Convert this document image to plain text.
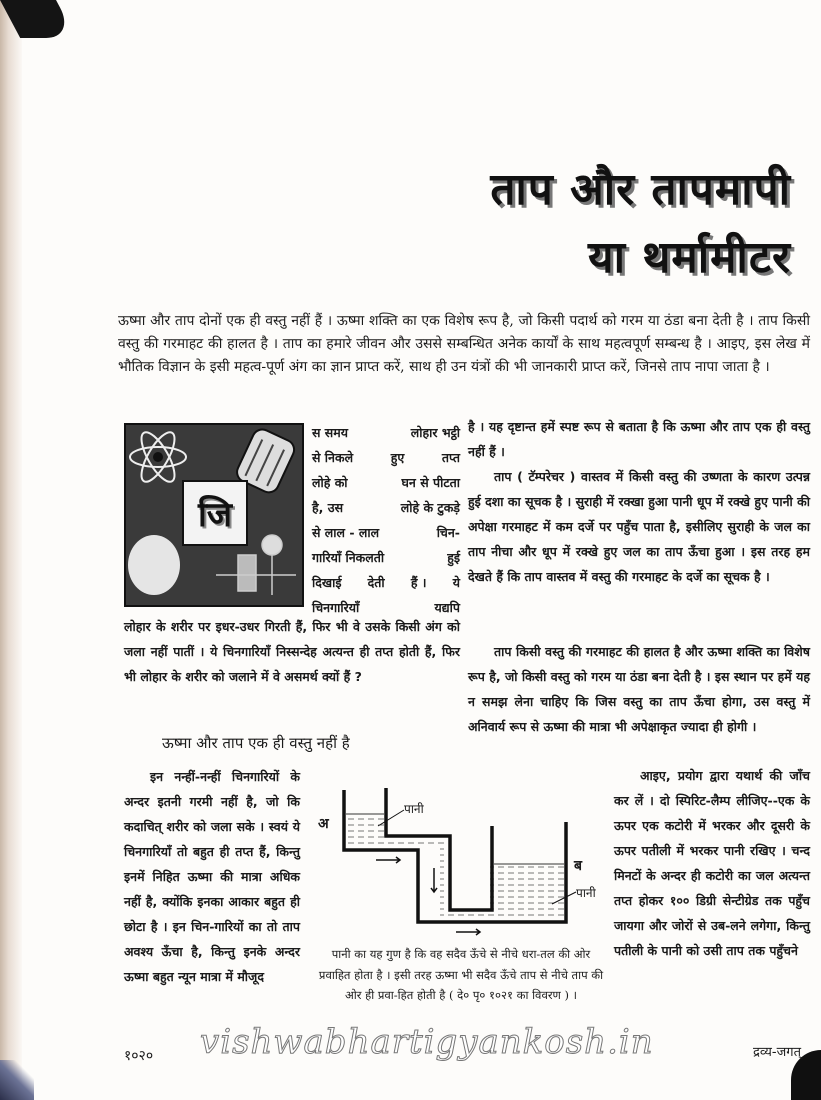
ताप और तापमापी
या थर्मामीटर
ऊष्मा और ताप दोनों एक ही वस्तु नहीं हैं । ऊष्मा शक्ति का एक विशेष रूप है, जो किसी पदार्थ को गरम या ठंडा बना देती है । ताप किसी वस्तु की गरमाहट की हालत है । ताप का हमारे जीवन और उससे सम्बन्धित अनेक कार्यों के साथ महत्वपूर्ण सम्बन्ध है । आइए, इस लेख में भौतिक विज्ञान के इसी महत्व-पूर्ण अंग का ज्ञान प्राप्त करें, साथ ही उन यंत्रों की भी जानकारी प्राप्त करें, जिनसे ताप नापा जाता है ।
जि
स समय	लोहार भट्ठी
से निकले	हुए	तप्त
लोहे को	घन से पीटता
है, उस	लोहे के टुकड़े
से लाल - लाल	चिन-
गारियाँ निकलती	हुई
दिखाई देती हैं । ये
चिनगारियाँ	यद्यपि
लोहार के शरीर पर इधर-उधर गिरती हैं, फिर भी वे उसके किसी अंग को जला नहीं पातीं । ये चिनगारियाँ निस्सन्देह अत्यन्त ही तप्त होती हैं, फिर भी लोहार के शरीर को जलाने में वे असमर्थ क्यों हैं ?
ऊष्मा और ताप एक ही वस्तु नहीं है
इन नन्हीं-नन्हीं चिनगारियों के अन्दर इतनी गरमी नहीं है, जो कि कदाचित् शरीर को जला सके । स्वयं ये चिनगारियाँ तो बहुत ही तप्त हैं, किन्तु इनमें निहित ऊष्मा की मात्रा अधिक नहीं है, क्योंकि इनका आकार बहुत ही छोटा है । इन चिन-गारियों का तो ताप अवश्य ऊँचा है, किन्तु इनके अन्दर ऊष्मा बहुत न्यून मात्रा में मौजूद
है । यह दृष्टान्त हमें स्पष्ट रूप से बताता है कि ऊष्मा और ताप एक ही वस्तु नहीं हैं ।
ताप ( टॅम्परेचर ) वास्तव में किसी वस्तु की उष्णता के कारण उत्पन्न हुई दशा का सूचक है । सुराही में रक्खा हुआ पानी धूप में रक्खे हुए पानी की अपेक्षा गरमाहट में कम दर्जे पर पहुँच पाता है, इसीलिए सुराही के जल का ताप नीचा और धूप में रक्खे हुए जल का ताप ऊँचा हुआ । इस तरह हम देखते हैं कि ताप वास्तव में वस्तु की गरमाहट के दर्जे का सूचक है ।
ताप किसी वस्तु की गरमाहट की हालत है और ऊष्मा शक्ति का विशेष रूप है, जो किसी वस्तु को गरम या ठंडा बना देती है । इस स्थान पर हमें यह न समझ लेना चाहिए कि जिस वस्तु का ताप ऊँचा होगा, उस वस्तु में अनिवार्य रूप से ऊष्मा की मात्रा भी अपेक्षाकृत ज्यादा ही होगी ।
आइए, प्रयोग द्वारा यथार्थ की जाँच कर लें । दो स्पिरिट-लैम्प लीजिए--एक के ऊपर एक कटोरी में भरकर और दूसरी के ऊपर पतीली में भरकर पानी रखिए । चन्द मिनटों के अन्दर ही कटोरी का जल अत्यन्त तप्त होकर १०० डिग्री सेन्टीग्रेड तक पहुँच जायगा और जोरों से उब-लने लगेगा, किन्तु पतीली के पानी को उसी ताप तक पहुँचने
अ
पानी
ब
पानी
पानी का यह गुण है कि वह सदैव ऊँचे से नीचे धरा-तल की ओर प्रवाहित होता है । इसी तरह ऊष्मा भी सदैव ऊँचे ताप से नीचे ताप की ओर ही प्रवा-हित होती है ( दे० पृ० १०२१ का विवरण ) ।
१०२० vishwabhartigyankosh.in	द्रव्य-जगत्
